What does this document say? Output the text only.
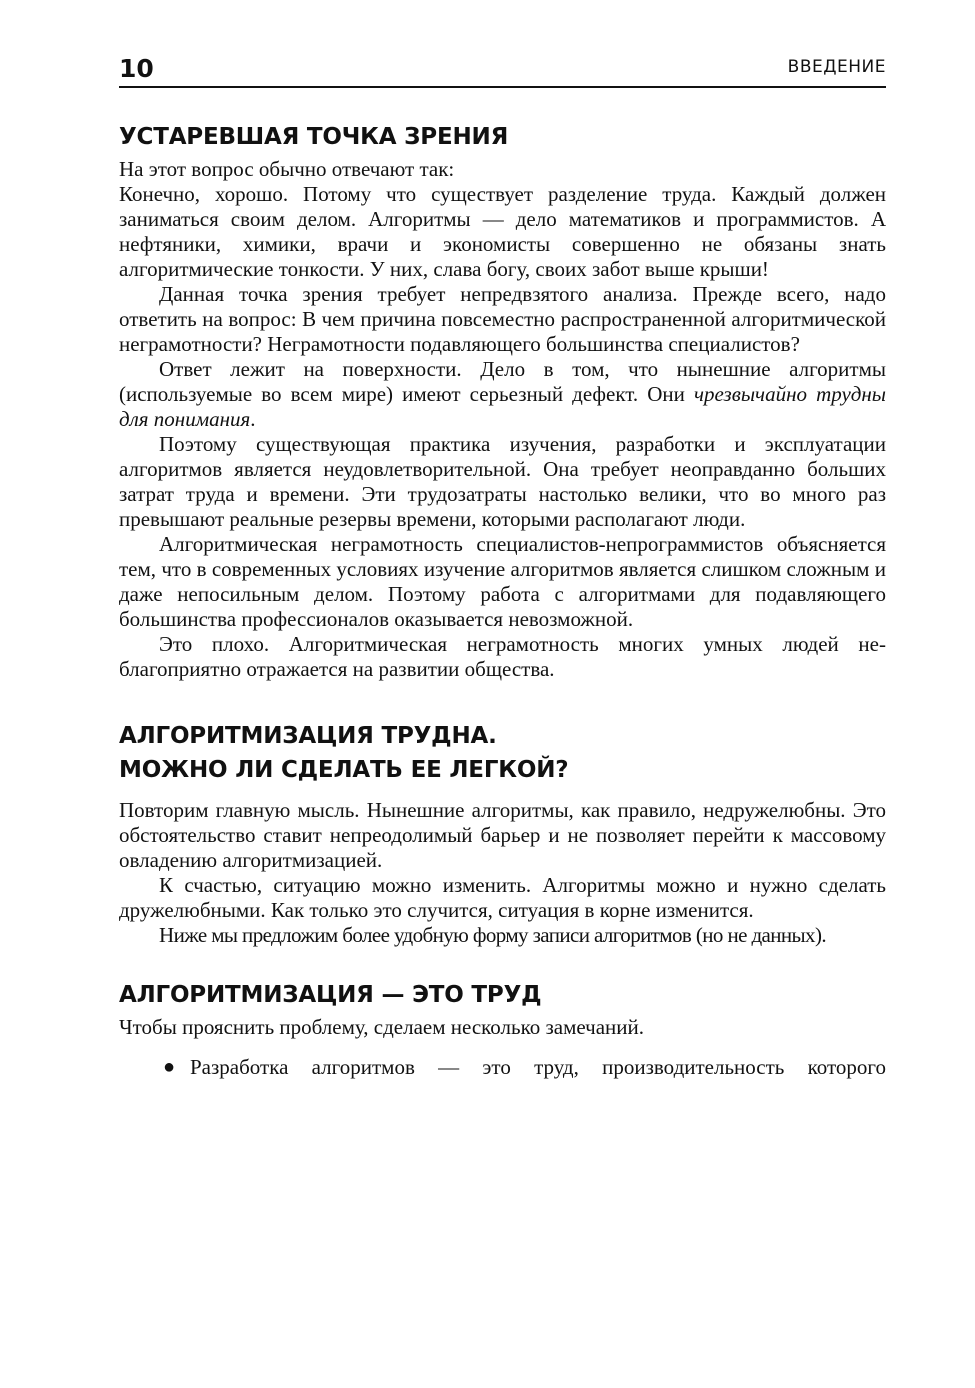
10	ВВЕДЕНИЕ
УСТАРЕВШАЯ ТОЧКА ЗРЕНИЯ

На этот вопрос обычно отвечают так:

Конечно, хорошо. Потому что существует разделение труда. Каждый должен заниматься своим делом. Алгоритмы — дело математиков и программистов. А нефтяники, химики, врачи и экономисты совершенно не обязаны знать алгоритмические тонкости. У них, слава богу, своих забот выше крыши!

Данная точка зрения требует непредвзятого анализа. Прежде всего, надо ответить на вопрос: В чем причина повсеместно распространенной алгоритмической неграмотности? Неграмотности подавляющего большинства специалистов?

Ответ лежит на поверхности. Дело в том, что нынешние алгоритмы (используемые во всем мире) имеют серьезный дефект. Они чрезвычайно трудны для понимания.

Поэтому существующая практика изучения, разработки и эксплуатации алгоритмов является неудовлетворительной. Она требует неоправданно больших затрат труда и времени. Эти трудозатраты настолько велики, что во много раз превышают реальные резервы времени, которыми располагают люди.

Алгоритмическая неграмотность специалистов-непрограммистов объясняется тем, что в современных условиях изучение алгоритмов является слишком сложным и даже непосильным делом. Поэтому работа с алгоритмами для подавляющего большинства профессионалов оказывается невозможной.

Это плохо. Алгоритмическая неграмотность многих умных людей неблагоприятно отражается на развитии общества.

АЛГОРИТМИЗАЦИЯ ТРУДНА.
МОЖНО ЛИ СДЕЛАТЬ ЕЕ ЛЕГКОЙ?

Повторим главную мысль. Нынешние алгоритмы, как правило, недружелюбны. Это обстоятельство ставит непреодолимый барьер и не позволяет перейти к массовому овладению алгоритмизацией.

К счастью, ситуацию можно изменить. Алгоритмы можно и нужно сделать дружелюбными. Как только это случится, ситуация в корне изменится.

Ниже мы предложим более удобную форму записи алгоритмов (но не данных).

АЛГОРИТМИЗАЦИЯ — ЭТО ТРУД

Чтобы прояснить проблему, сделаем несколько замечаний.

● Разработка алгоритмов — это труд, производительность которого
